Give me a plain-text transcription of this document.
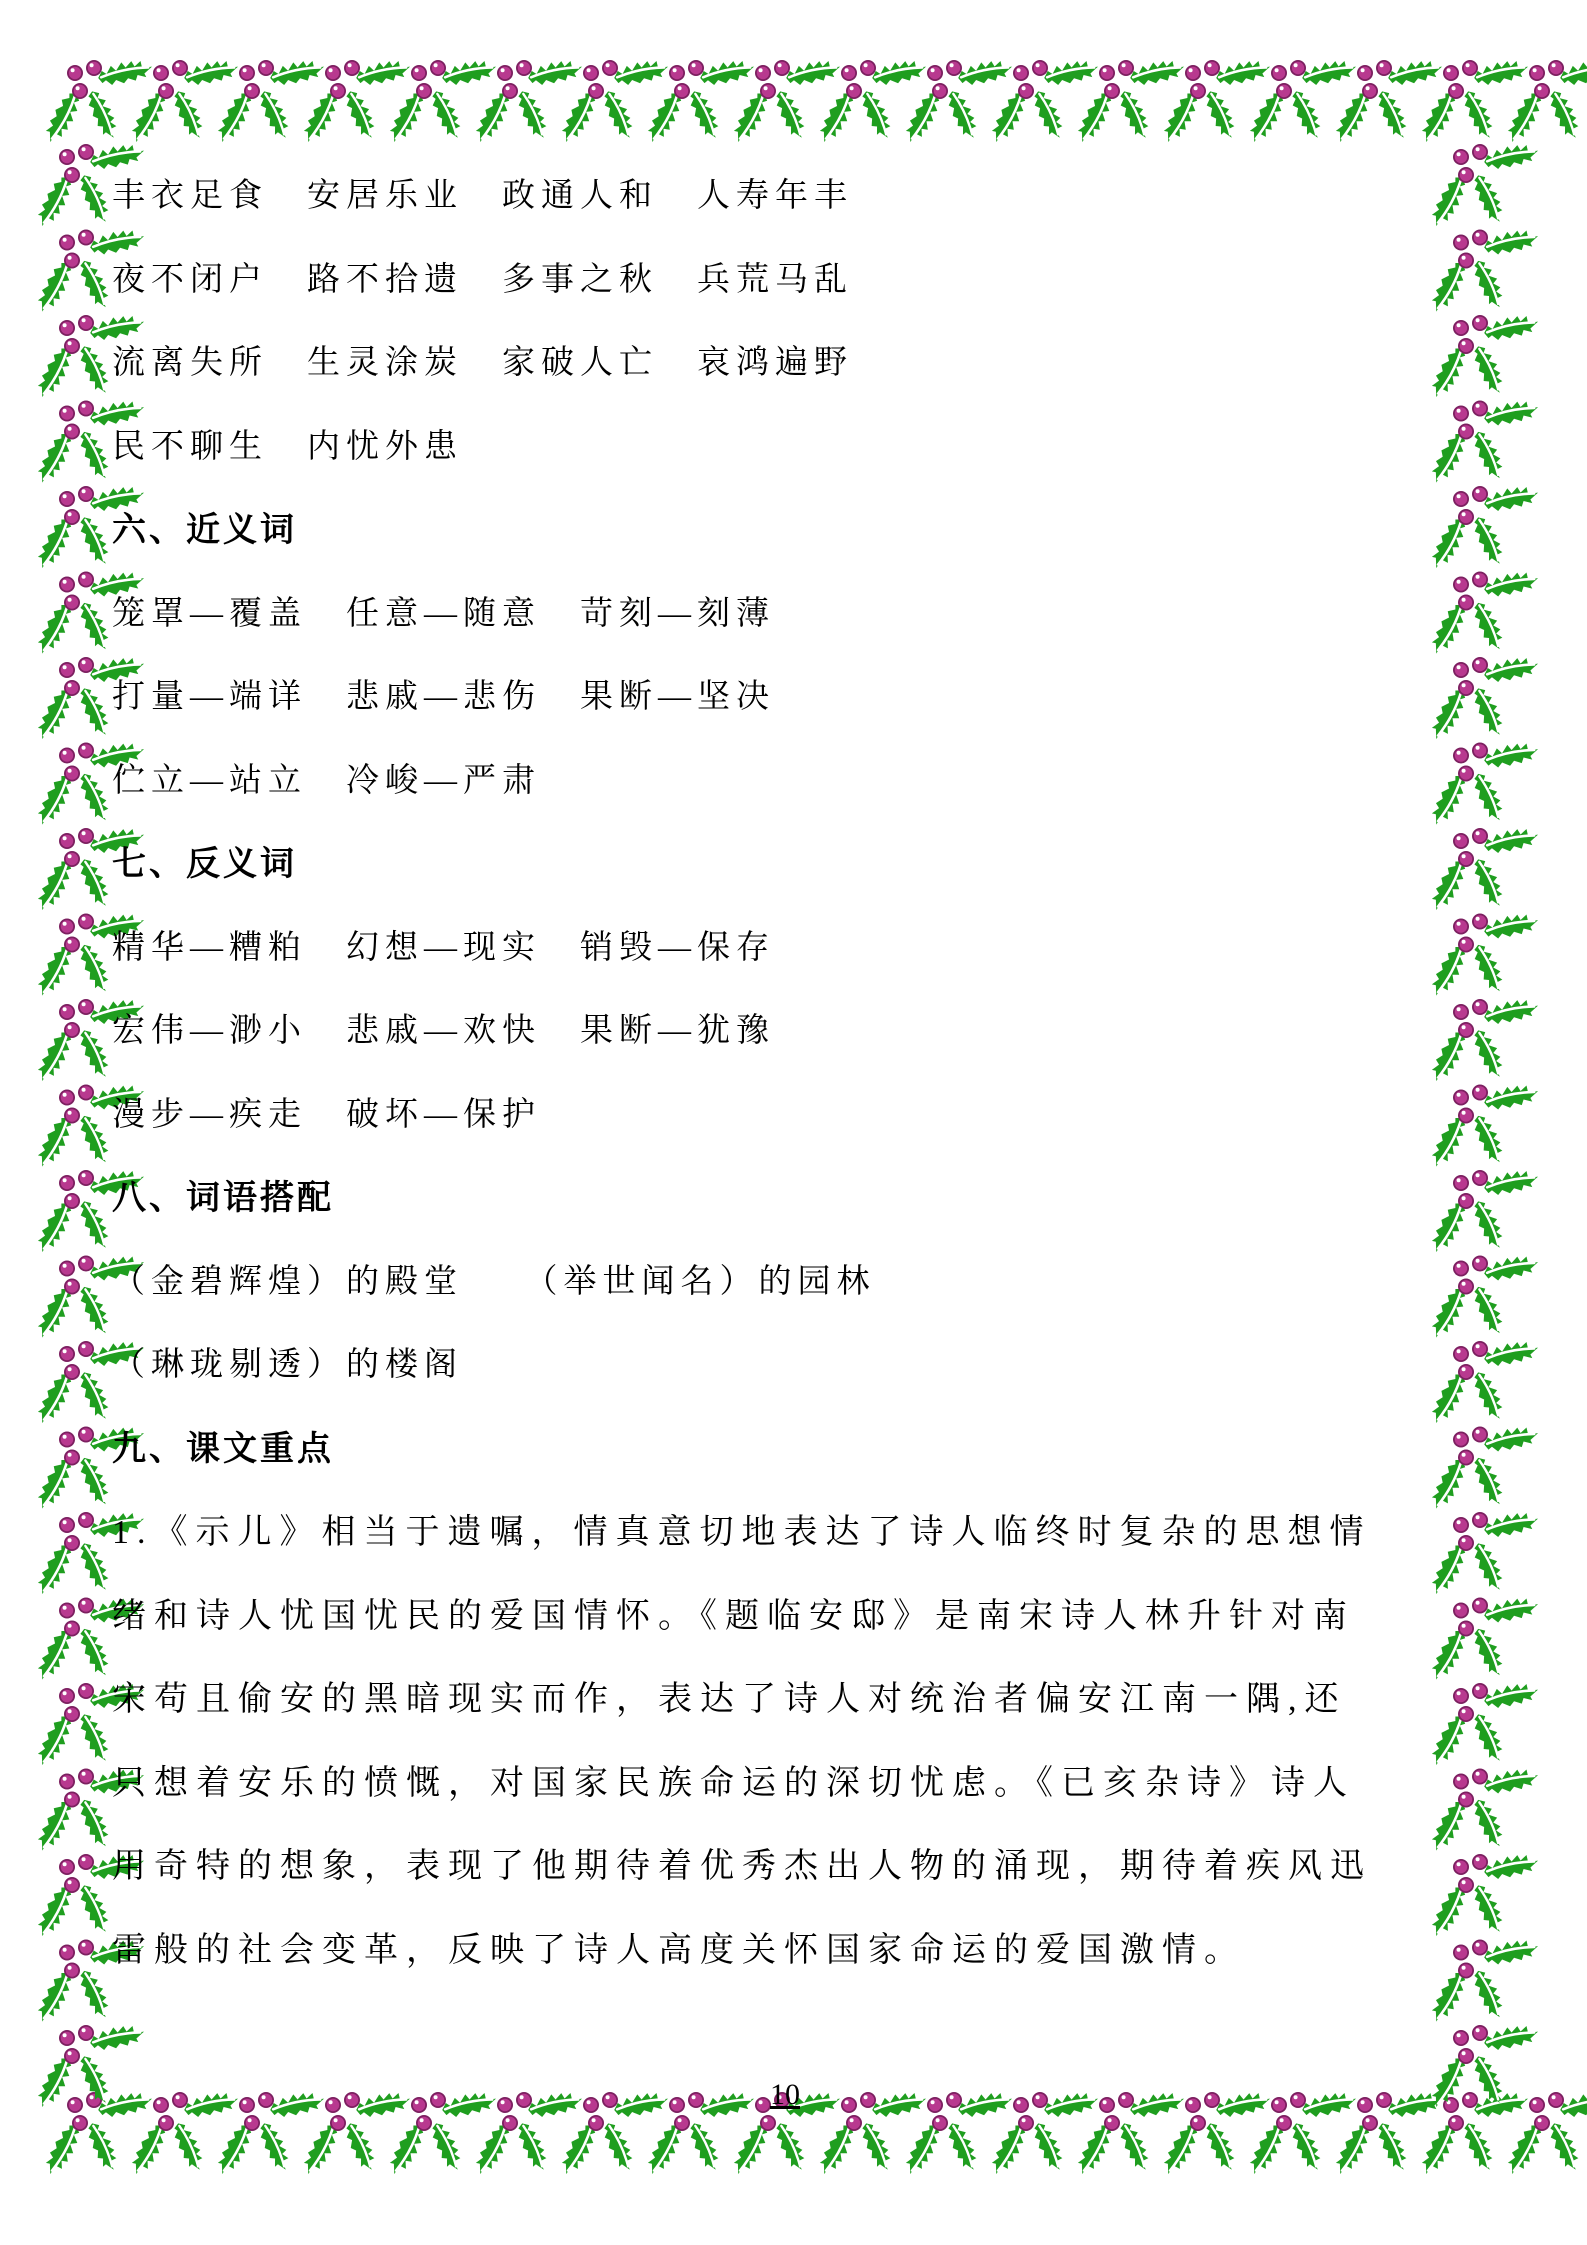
丰衣足食　安居乐业　政通人和　人寿年丰
夜不闭户　路不拾遗　多事之秋　兵荒马乱
流离失所　生灵涂炭　家破人亡　哀鸿遍野
民不聊生　内忧外患
六、近义词
笼罩—覆盖　任意—随意　苛刻—刻薄
打量—端详　悲戚—悲伤　果断—坚决
伫立—站立　冷峻—严肃
七、反义词
精华—糟粕　幻想—现实　销毁—保存
宏伟—渺小　悲戚—欢快　果断—犹豫
漫步—疾走　破坏—保护
八、词语搭配
（金碧辉煌）的殿堂　　（举世闻名）的园林
（琳珑剔透）的楼阁
九、课文重点
1.《示儿》相当于遗嘱，情真意切地表达了诗人临终时复杂的思想情
绪和诗人忧国忧民的爱国情怀。《题临安邸》是南宋诗人林升针对南
宋苟且偷安的黑暗现实而作，表达了诗人对统治者偏安江南一隅,还
只想着安乐的愤慨，对国家民族命运的深切忧虑。《已亥杂诗》诗人
用奇特的想象，表现了他期待着优秀杰出人物的涌现，期待着疾风迅
雷般的社会变革，反映了诗人高度关怀国家命运的爱国激情。
10
